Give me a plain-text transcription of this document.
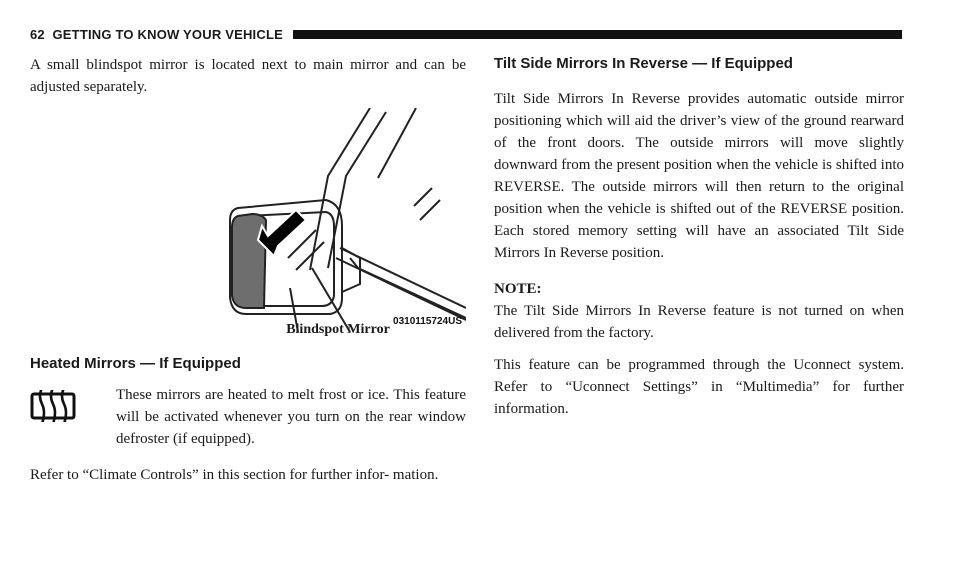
62 GETTING TO KNOW YOUR VEHICLE

A small blindspot mirror is located next to main mirror and can be adjusted separately.

0310115724US
Blindspot Mirror
Heated Mirrors — If Equipped

These mirrors are heated to melt frost or ice. This feature will be activated whenever you turn on the rear window defroster (if equipped).

Refer to “Climate Controls” in this section for further infor- mation.

Tilt Side Mirrors In Reverse — If Equipped

Tilt Side Mirrors In Reverse provides automatic outside mirror positioning which will aid the driver’s view of the ground rearward of the front doors. The outside mirrors will move slightly downward from the present position when the vehicle is shifted into REVERSE. The outside mirrors will then return to the original position when the vehicle is shifted out of the REVERSE position. Each stored memory setting will have an associated Tilt Side Mirrors In Reverse position.

NOTE:

The Tilt Side Mirrors In Reverse feature is not turned on when delivered from the factory.

This feature can be programmed through the Uconnect system. Refer to “Uconnect Settings” in “Multimedia” for further information.
